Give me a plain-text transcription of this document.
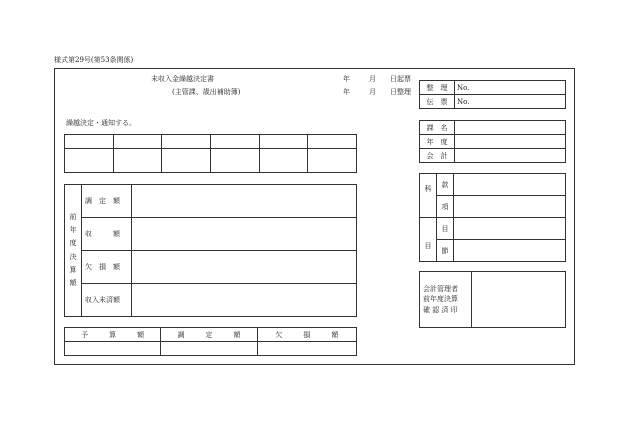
様式第29号(第53条関係)
未収入金繰越決定書
(主管課、歳出補助簿)
年	月 日起票
年	月 日整理
整　理	No.
伝　票	No.
繰越決定・通知する。

課　名	
年　度	
会　計	
科	款	
	項	
目	目	
	節	
前年度決算額	調　定　額	
	収　　　額	
	欠　損　額	
	収入未済額	
会計管理者
前年度決算
確 認 済 印

予　　　算　　　額	調　　　定　　　額	欠　　　損　　　額
